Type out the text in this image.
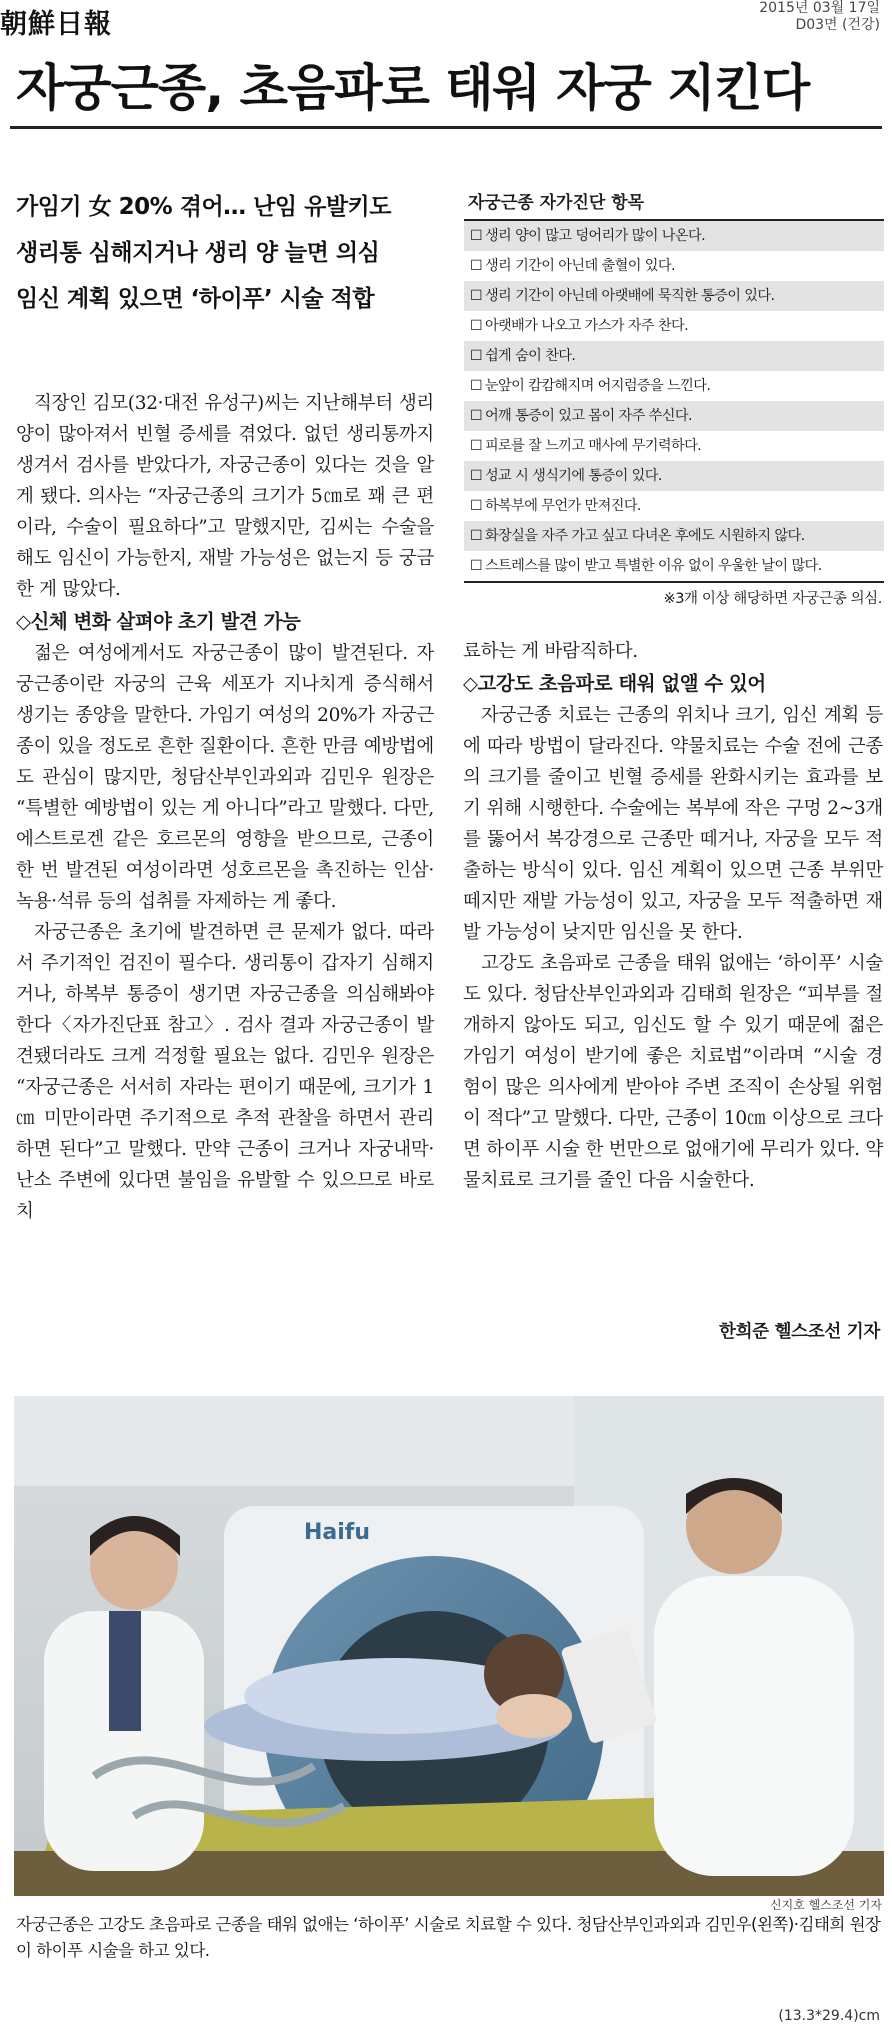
朝鮮日報
2015년 03월 17일
D03면 (건강)
자궁근종, 초음파로 태워 자궁 지킨다
가임기 女 20% 겪어… 난임 유발키도
생리통 심해지거나 생리 양 늘면 의심
임신 계획 있으면 ‘하이푸’ 시술 적합
자궁근종 자가진단 항목
☐ 생리 양이 많고 덩어리가 많이 나온다.
☐ 생리 기간이 아닌데 출혈이 있다.
☐ 생리 기간이 아닌데 아랫배에 묵직한 통증이 있다.
☐ 아랫배가 나오고 가스가 자주 찬다.
☐ 쉽게 숨이 찬다.
☐ 눈앞이 캄캄해지며 어지럼증을 느낀다.
☐ 어깨 통증이 있고 몸이 자주 쑤신다.
☐ 피로를 잘 느끼고 매사에 무기력하다.
☐ 성교 시 생식기에 통증이 있다.
☐ 하복부에 무언가 만져진다.
☐ 화장실을 자주 가고 싶고 다녀온 후에도 시원하지 않다.
☐ 스트레스를 많이 받고 특별한 이유 없이 우울한 날이 많다.
※3개 이상 해당하면 자궁근종 의심.

직장인 김모(32·대전 유성구)씨는 지난해부터 생리 양이 많아져서 빈혈 증세를 겪었다. 없던 생리통까지 생겨서 검사를 받았다가, 자궁근종이 있다는 것을 알게 됐다. 의사는 “자궁근종의 크기가 5㎝로 꽤 큰 편이라, 수술이 필요하다”고 말했지만, 김씨는 수술을 해도 임신이 가능한지, 재발 가능성은 없는지 등 궁금한 게 많았다.

◇신체 변화 살펴야 초기 발견 가능

젊은 여성에게서도 자궁근종이 많이 발견된다. 자궁근종이란 자궁의 근육 세포가 지나치게 증식해서 생기는 종양을 말한다. 가임기 여성의 20%가 자궁근종이 있을 정도로 흔한 질환이다. 흔한 만큼 예방법에도 관심이 많지만, 청담산부인과외과 김민우 원장은 “특별한 예방법이 있는 게 아니다”라고 말했다. 다만, 에스트로겐 같은 호르몬의 영향을 받으므로, 근종이 한 번 발견된 여성이라면 성호르몬을 촉진하는 인삼·녹용·석류 등의 섭취를 자제하는 게 좋다.

자궁근종은 초기에 발견하면 큰 문제가 없다. 따라서 주기적인 검진이 필수다. 생리통이 갑자기 심해지거나, 하복부 통증이 생기면 자궁근종을 의심해봐야 한다〈자가진단표 참고〉. 검사 결과 자궁근종이 발견됐더라도 크게 걱정할 필요는 없다. 김민우 원장은 “자궁근종은 서서히 자라는 편이기 때문에, 크기가 1㎝ 미만이라면 주기적으로 추적 관찰을 하면서 관리하면 된다”고 말했다. 만약 근종이 크거나 자궁내막·난소 주변에 있다면 불임을 유발할 수 있으므로 바로 치

료하는 게 바람직하다.

◇고강도 초음파로 태워 없앨 수 있어

자궁근종 치료는 근종의 위치나 크기, 임신 계획 등에 따라 방법이 달라진다. 약물치료는 수술 전에 근종의 크기를 줄이고 빈혈 증세를 완화시키는 효과를 보기 위해 시행한다. 수술에는 복부에 작은 구멍 2~3개를 뚫어서 복강경으로 근종만 떼거나, 자궁을 모두 적출하는 방식이 있다. 임신 계획이 있으면 근종 부위만 떼지만 재발 가능성이 있고, 자궁을 모두 적출하면 재발 가능성이 낮지만 임신을 못 한다.

고강도 초음파로 근종을 태워 없애는 ‘하이푸’ 시술도 있다. 청담산부인과외과 김태희 원장은 “피부를 절개하지 않아도 되고, 임신도 할 수 있기 때문에 젊은 가임기 여성이 받기에 좋은 치료법”이라며 “시술 경험이 많은 의사에게 받아야 주변 조직이 손상될 위험이 적다”고 말했다. 다만, 근종이 10㎝ 이상으로 크다면 하이푸 시술 한 번만으로 없애기에 무리가 있다. 약물치료로 크기를 줄인 다음 시술한다.

한희준 헬스조선 기자
Haifu
신지호 헬스조선 기자
자궁근종은 고강도 초음파로 근종을 태워 없애는 ‘하이푸’ 시술로 치료할 수 있다. 청담산부인과외과 김민우(왼쪽)·김태희 원장이 하이푸 시술을 하고 있다.
(13.3*29.4)cm
